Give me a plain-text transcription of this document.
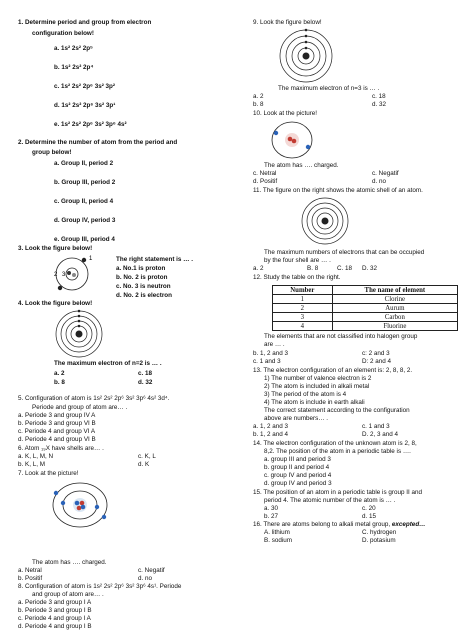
1. Determine period and group from electron
configuration below!
a. 1s² 2s² 2p⁵
b. 1s² 2s² 2p⁴
c. 1s² 2s² 2p⁶ 3s² 3p²
d. 1s² 2s² 2p⁶ 3s² 3p¹
e. 1s² 2s² 2p⁶ 3s² 3p⁶ 4s²
2. Determine the number of atom from the period and
group below!
a. Group II, period 2
b. Group III, period 2
c. Group II, period 4
d. Group IV, period 3
e. Group III, period 4
3. Look the figure below!
1
2 3
The right statement is … .
a. No.1 is proton
b. No. 2 is proton
c. No. 3 is neutron
d. No. 2 is electron
4. Look the figure below!
The maximum electron of n=2 is … .
a. 2	c. 18
b. 8	d. 32
5. Configuration of atom is 1s² 2s² 2p⁶ 3s² 3p⁶ 4s² 3d⁴.
Periode and group of atom are… .
a. Periode 3 and group IV A
b. Periode 3 and group VI B
c. Periode 4 and group VI A
d. Periode 4 and group VI B
6. Atom ₁₉X have shells are… .
a. K, L, M, N	c. K, L
b. K, L, M	d. K
7. Look at the picture!
The atom has …. charged.
a. Netral	c. Negatif
b. Positif	d. no
8. Configuration of atom is 1s² 2s² 2p⁶ 3s² 3p⁶ 4s¹. Periode
and group of atom are… .
a. Periode 3 and group I A
b. Periode 3 and group I B
c. Periode 4 and group I A
d. Periode 4 and group I B
9. Look the figure below!
The maximum electron of n=3 is … .
a. 2	c. 18
b. 8	d. 32
10. Look at the picture!
The atom has …. charged.
c. Netral	c. Negatif
d. Positif	d. no
11. The figure on the right shows the atomic shell of an atom.
The maximum numbers of electrons that can be occupied
by the four shell are … .
a. 2	B. 8	C. 18 D. 32
12. Study the table on the right.
Number	The name of element
1	Clorine
2	Aurum
3	Carbon
4	Fluorine
The elements that are not classified into halogen group
are … .
b. 1, 2 and 3	c: 2 and 3
c. 1 and 3	D: 2 and 4
13. The electron configuration of an element is: 2, 8, 8, 2.
1) The number of valence electron is 2
2) The atom is included in alkali metal
3) The period of the atom is 4
4) The atom is include in earth alkali
The correct statement according to the configuration
above are numbers… .
a. 1, 2 and 3	c. 1 and 3
b. 1, 2 and 4	D. 2, 3 and 4
14. The electron configuration of the unknown atom is 2, 8,
8,2. The position of the atom in a periodic table is ….
a. group III and period 3
b. group II and period 4
c. group IV and period 4
d. group IV and period 3
15. The position of an atom in a periodic table is group II and
period 4. The atomic number of the atom is … .
a. 30	c. 20
b. 27	d. 15
16. There are atoms belong to alkali metal group, excepted…
A. lithium	C. hydrogen
B. sodium	D. potasium
